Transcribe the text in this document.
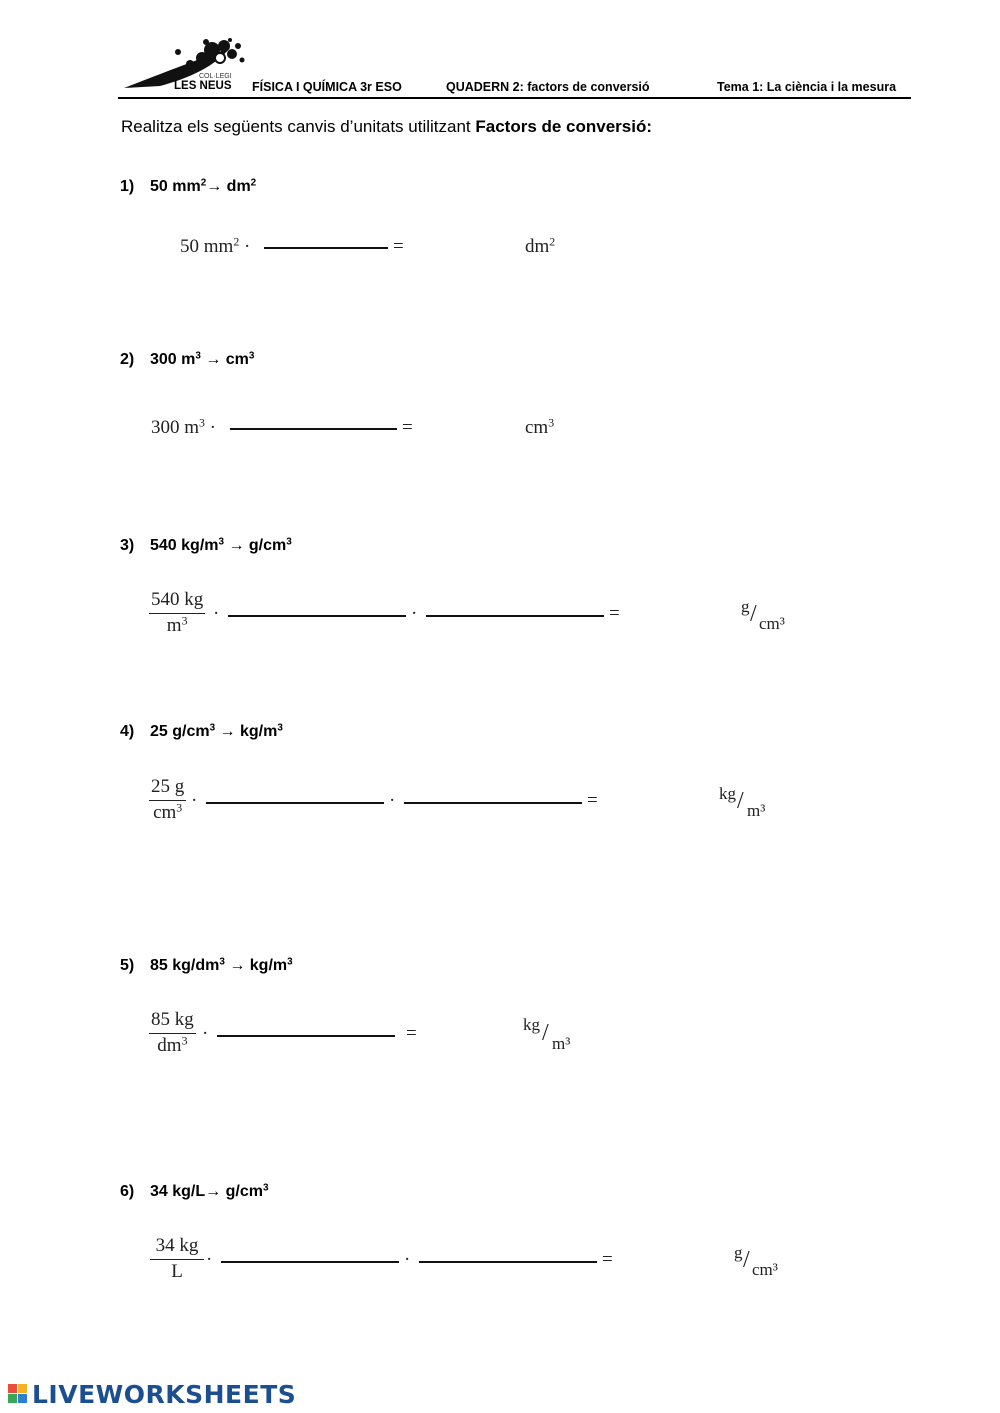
COL·LEGI
LES NEUS FÍSICA I QUÍMICA 3r ESO	QUADERN 2: factors de conversió	Tema 1: La ciència i la mesura
Realitza els següents canvis d’unitats utilitzant Factors de conversió:
1) 50 $mm^2\to dm^2$
50 $mm^2$ ·	=	$dm^2$
2) 300 $m^3 \to cm^3$
300 $m^3$ ·	=	$cm^3$
3) 540 $kg/m^3 \to g/cm^3$
$\frac{540 kg}{m^3}$ ·	·	=	g / cm³
4) 25 $g/cm^3 \to kg/m^3$
$\frac{25 g}{cm^3}$ ·	·	=	kg / m³
5) 85 $kg/dm^3 \to kg/m^3$
$\frac{85 kg}{dm^3}$ ·	=	kg / m³
6) 34 $kg/L\to g/cm^3$
$\frac{34 kg}{L}$ ·	·	=	g / cm³
LIVEWORKSHEETS
